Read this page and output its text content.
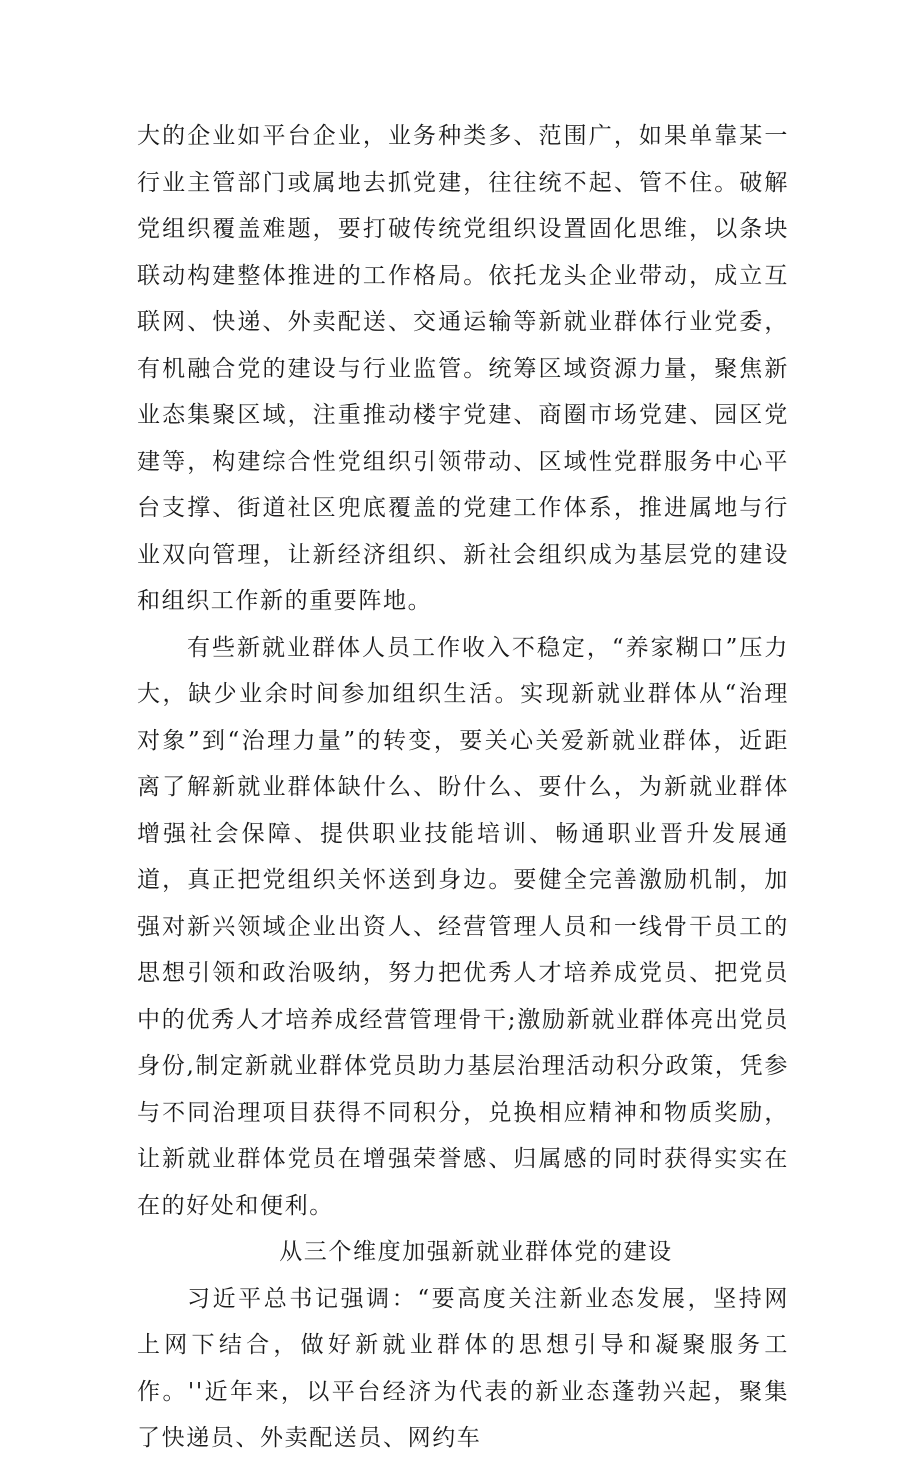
大的企业如平台企业，业务种类多、范围广，如果单靠某一行业主管部门或属地去抓党建，往往统不起、管不住。破解党组织覆盖难题，要打破传统党组织设置固化思维，以条块联动构建整体推进的工作格局。依托龙头企业带动，成立互联网、快递、外卖配送、交通运输等新就业群体行业党委，有机融合党的建设与行业监管。统筹区域资源力量，聚焦新业态集聚区域，注重推动楼宇党建、商圈市场党建、园区党建等，构建综合性党组织引领带动、区域性党群服务中心平台支撑、街道社区兜底覆盖的党建工作体系，推进属地与行业双向管理，让新经济组织、新社会组织成为基层党的建设和组织工作新的重要阵地。

有些新就业群体人员工作收入不稳定，“养家糊口”压力大，缺少业余时间参加组织生活。实现新就业群体从“治理对象”到“治理力量”的转变，要关心关爱新就业群体，近距离了解新就业群体缺什么、盼什么、要什么，为新就业群体增强社会保障、提供职业技能培训、畅通职业晋升发展通道，真正把党组织关怀送到身边。要健全完善激励机制，加强对新兴领域企业出资人、经营管理人员和一线骨干员工的思想引领和政治吸纳，努力把优秀人才培养成党员、把党员中的优秀人才培养成经营管理骨干;激励新就业群体亮出党员身份,制定新就业群体党员助力基层治理活动积分政策，凭参与不同治理项目获得不同积分，兑换相应精神和物质奖励，让新就业群体党员在增强荣誉感、归属感的同时获得实实在在的好处和便利。

从三个维度加强新就业群体党的建设

习近平总书记强调：“要高度关注新业态发展，坚持网上网下结合，做好新就业群体的思想引导和凝聚服务工作。''近年来，以平台经济为代表的新业态蓬勃兴起，聚集了快递员、外卖配送员、网约车
